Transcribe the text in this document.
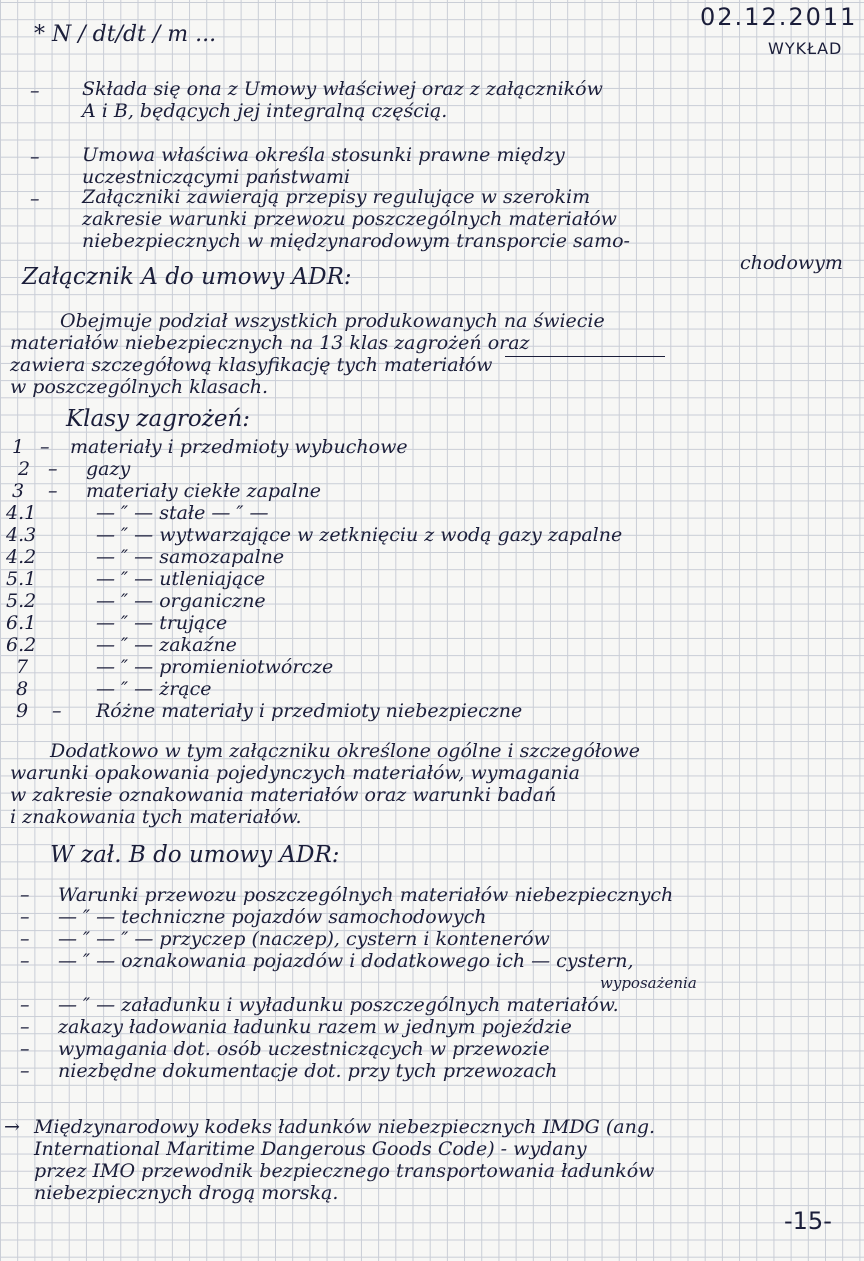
* N / dt/dt / m ...
02.12.2011
WYKŁAD
– Składa się ona z Umowy właściwej oraz z załączników
A i B, będących jej integralną częścią.
– Umowa właściwa określa stosunki prawne między
uczestniczącymi państwami
– Załączniki zawierają przepisy regulujące w szerokim
zakresie warunki przewozu poszczególnych materiałów
niebezpiecznych w międzynarodowym transporcie samo-
chodowym
Załącznik A do umowy ADR:
Obejmuje podział wszystkich produkowanych na świecie
materiałów niebezpiecznych na 13 klas zagrożeń oraz
zawiera szczegółową klasyfikację tych materiałów
w poszczególnych klasach.
Klasy zagrożeń:
1 – materiały i przedmioty wybuchowe
2 – gazy
3 – materiały ciekłe zapalne
4.1	— ″ — stałe — ″ —
4.3	— ″ — wytwarzające w zetknięciu z wodą gazy zapalne
4.2	— ″ — samozapalne
5.1	— ″ — utleniające
5.2	— ″ — organiczne
6.1	— ″ — trujące
6.2	— ″ — zakaźne
7	— ″ — promieniotwórcze
8	— ″ — żrące
9 – Różne materiały i przedmioty niebezpieczne
Dodatkowo w tym załączniku określone ogólne i szczegółowe
warunki opakowania pojedynczych materiałów, wymagania
w zakresie oznakowania materiałów oraz warunki badań
i znakowania tych materiałów.
W zał. B do umowy ADR:
– Warunki przewozu poszczególnych materiałów niebezpiecznych
– — ″ — techniczne pojazdów samochodowych
– — ″ — ″ — przyczep (naczep), cystern i kontenerów
– — ″ — oznakowania pojazdów i dodatkowego ich — cystern,
wyposażenia
– — ″ — załadunku i wyładunku poszczególnych materiałów.
– zakazy ładowania ładunku razem w jednym pojeździe
– wymagania dot. osób uczestniczących w przewozie
– niezbędne dokumentacje dot. przy tych przewozach
→ Międzynarodowy kodeks ładunków niebezpiecznych IMDG (ang.
International Maritime Dangerous Goods Code) - wydany
przez IMO przewodnik bezpiecznego transportowania ładunków
niebezpiecznych drogą morską.
-15-
